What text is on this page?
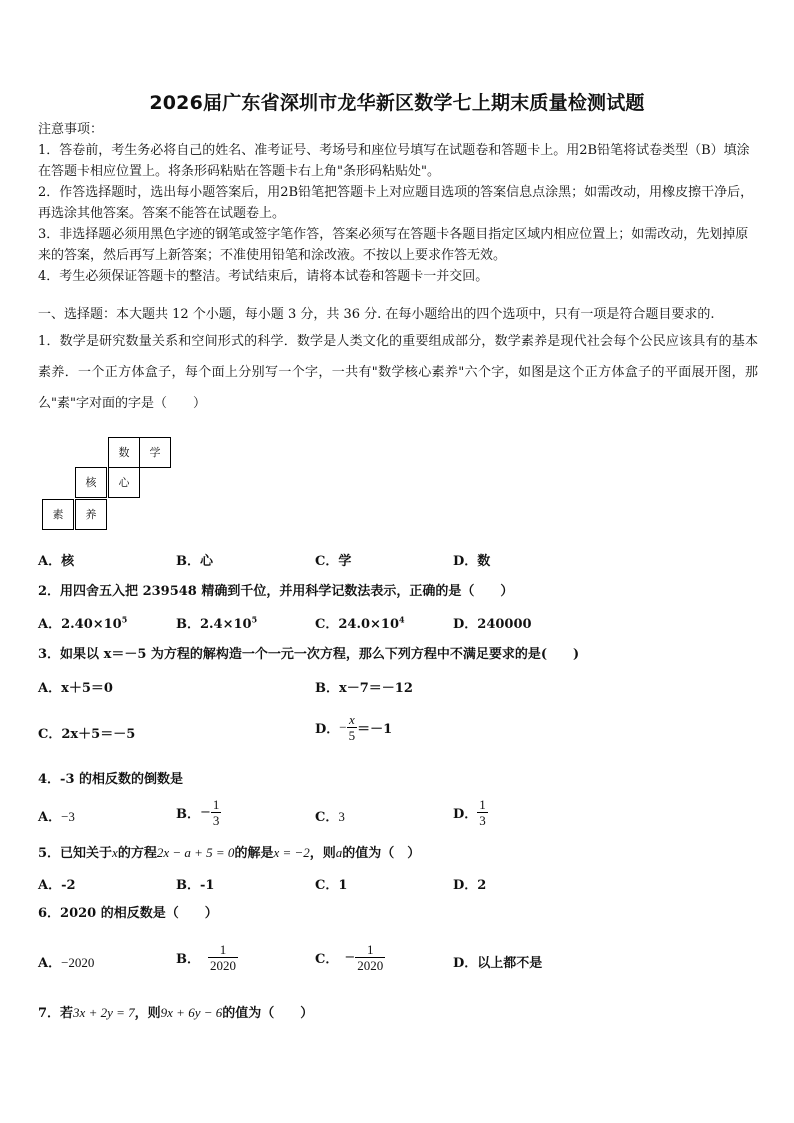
2026届广东省深圳市龙华新区数学七上期末质量检测试题
注意事项：
1．答卷前，考生务必将自己的姓名、准考证号、考场号和座位号填写在试题卷和答题卡上。用2B铅笔将试卷类型（B）填涂在答题卡相应位置上。将条形码粘贴在答题卡右上角"条形码粘贴处"。
2．作答选择题时，选出每小题答案后，用2B铅笔把答题卡上对应题目选项的答案信息点涂黑；如需改动，用橡皮擦干净后，再选涂其他答案。答案不能答在试题卷上。
3．非选择题必须用黑色字迹的钢笔或签字笔作答，答案必须写在答题卡各题目指定区域内相应位置上；如需改动，先划掉原来的答案，然后再写上新答案；不准使用铅笔和涂改液。不按以上要求作答无效。
4．考生必须保证答题卡的整洁。考试结束后，请将本试卷和答题卡一并交回。
一、选择题：本大题共 12 个小题，每小题 3 分，共 36 分. 在每小题给出的四个选项中，只有一项是符合题目要求的.
1．数学是研究数量关系和空间形式的科学．数学是人类文化的重要组成部分，数学素养是现代社会每个公民应该具有的基本素养．一个正方体盒子，每个面上分别写一个字，一共有"数学核心素养"六个字，如图是这个正方体盒子的平面展开图，那么"素"字对面的字是（　　）
数	学
核	心
素	养
A．核	B．心	C．学	D．数
2．用四舍五入把 239548 精确到千位，并用科学记数法表示，正确的是（　　）
A．$2.40\times 10^5$	B．$2.4\times 10^5$	C．$24.0\times 10^4$	D．240000
3．如果以 x＝－5 为方程的解构造一个一元一次方程，那么下列方程中不满足要求的是(　　)
A．x＋5＝0	B．x－7＝－12
C．2x＋5＝－5	D．− $\frac{x}{5} =-1$
4．-3 的相反数的倒数是
A．−3	B．− $\frac{1}{3}$	C．3	D． $\frac{1}{3}$
5．已知关于x的方程2x − a + 5 = 0的解是x = −2，则a的值为（　）
A．-2	B．-1	C．1	D．2
6．2020 的相反数是（　　）
A．−2020	B． $\frac{1}{2020}$	C． − $\frac{1}{2020}$	D．以上都不是
7．若3x + 2y = 7，则9x + 6y − 6的值为（　　）
